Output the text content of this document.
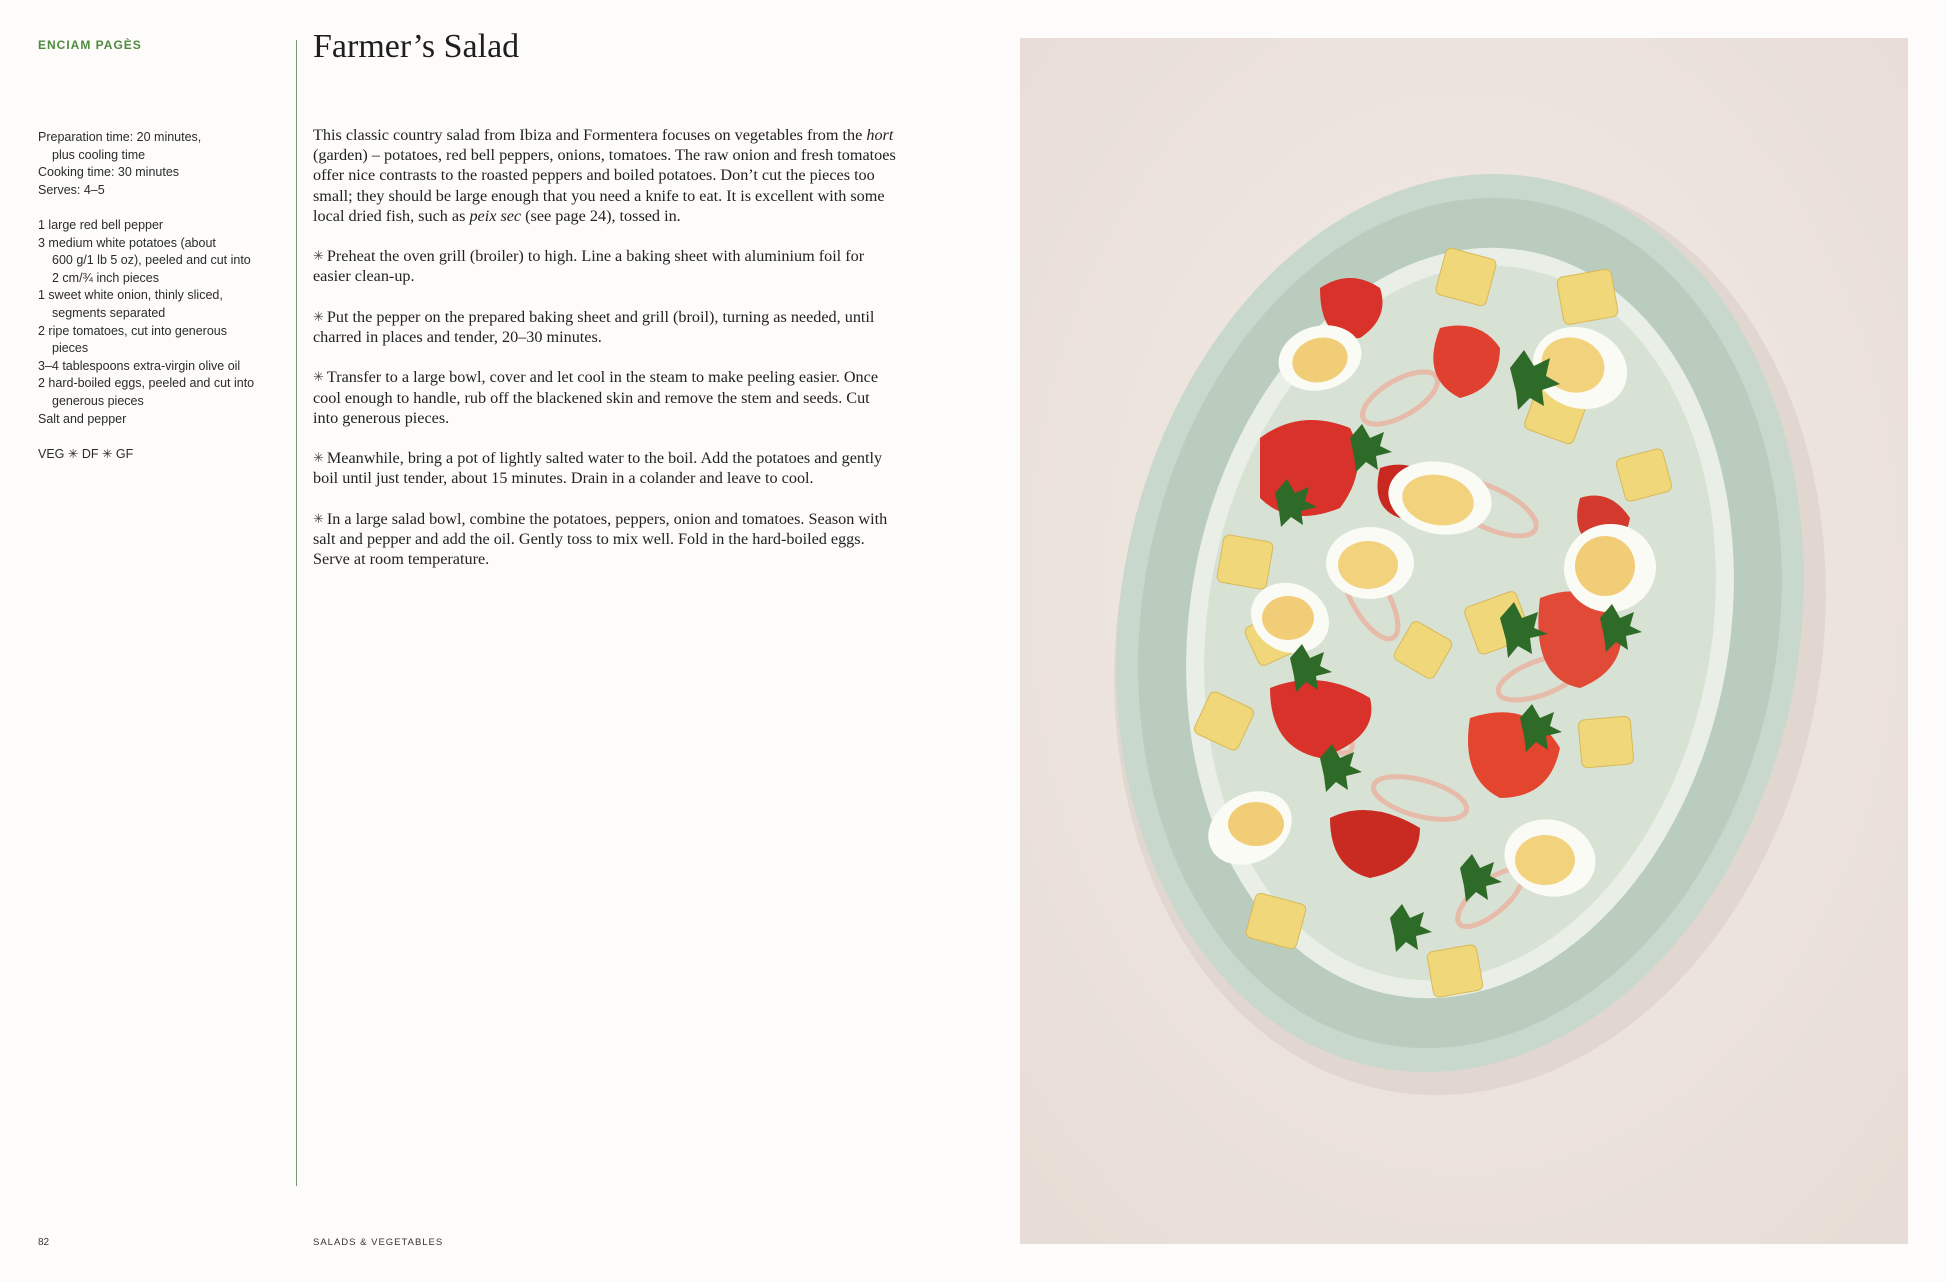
ENCIAM PAGÈS
Preparation time: 20 minutes,
plus cooling time
Cooking time: 30 minutes
Serves: 4–5
1 large red bell pepper
3 medium white potatoes (about
600 g/1 lb 5 oz), peeled and cut into
2 cm/¾ inch pieces
1 sweet white onion, thinly sliced,
segments separated
2 ripe tomatoes, cut into generous
pieces
3–4 tablespoons extra-virgin olive oil
2 hard-boiled eggs, peeled and cut into
generous pieces
Salt and pepper
VEG ✳ DF ✳ GF
Farmer’s Salad

This classic country salad from Ibiza and Formentera focuses on vegetables from the hort (garden) – potatoes, red bell peppers, onions, tomatoes. The raw onion and fresh tomatoes offer nice contrasts to the roasted peppers and boiled potatoes. Don’t cut the pieces too small; they should be large enough that you need a knife to eat. It is excellent with some local dried fish, such as peix sec (see page 24), tossed in.

✳ Preheat the oven grill (broiler) to high. Line a baking sheet with aluminium foil for easier clean-up.

✳ Put the pepper on the prepared baking sheet and grill (broil), turning as needed, until charred in places and tender, 20–30 minutes.

✳ Transfer to a large bowl, cover and let cool in the steam to make peeling easier. Once cool enough to handle, rub off the blackened skin and remove the stem and seeds. Cut into generous pieces.

✳ Meanwhile, bring a pot of lightly salted water to the boil. Add the potatoes and gently boil until just tender, about 15 minutes. Drain in a colander and leave to cool.

✳ In a large salad bowl, combine the potatoes, peppers, onion and tomatoes. Season with salt and pepper and add the oil. Gently toss to mix well. Fold in the hard-boiled eggs. Serve at room temperature.

82	SALADS & VEGETABLES
